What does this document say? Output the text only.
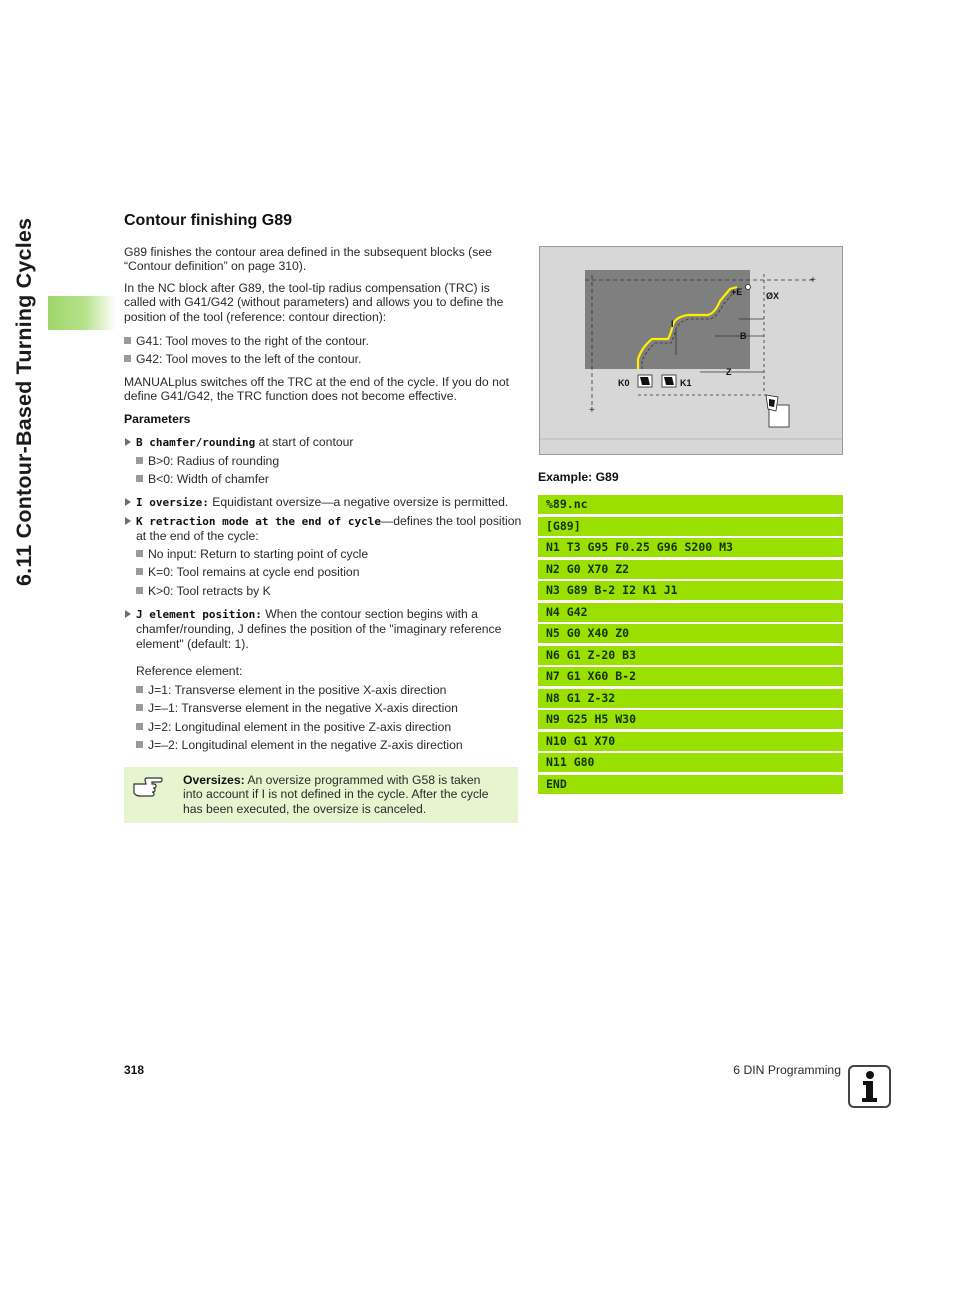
6.11 Contour-Based Turning Cycles	Contour finishing G89
G89 finishes the contour area defined in the subsequent blocks (see “Contour definition” on page 310).
In the NC block after G89, the tool-tip radius compensation (TRC) is called with G41/G42 (without parameters) and allows you to define the position of the tool (reference: contour direction):
G41: Tool moves to the right of the contour.
G42: Tool moves to the left of the contour.
MANUALplus switches off the TRC at the end of the cycle. If you do not define G41/G42, the TRC function does not become effective.
Parameters
B chamfer/rounding at start of contour
B>0: Radius of rounding
B<0: Width of chamfer
I oversize: Equidistant oversize—a negative oversize is permitted.
K retraction mode at the end of cycle—defines the tool position
at the end of the cycle:
No input: Return to starting point of cycle
K=0: Tool remains at cycle end position
K>0: Tool retracts by K
J element position: When the contour section begins with a
chamfer/rounding, J defines the position of the "imaginary reference
element" (default: 1).
Reference element:
J=1: Transverse element in the positive X-axis direction
J=–1: Transverse element in the negative X-axis direction
J=2: Longitudinal element in the positive Z-axis direction
J=–2: Longitudinal element in the negative Z-axis direction
Oversizes: An oversize programmed with G58 is taken
into account if I is not defined in the cycle. After the cycle
has been executed, the oversize is canceled.
+
+
+E	ØX
B
I
Z
K0	K1
Example: G89
%89.nc
[G89]
N1 T3 G95 F0.25 G96 S200 M3
N2 G0 X70 Z2
N3 G89 B-2 I2 K1 J1
N4 G42
N5 G0 X40 Z0
N6 G1 Z-20 B3
N7 G1 X60 B-2
N8 G1 Z-32
N9 G25 H5 W30
N10 G1 X70
N11 G80
END
318	6 DIN Programming
